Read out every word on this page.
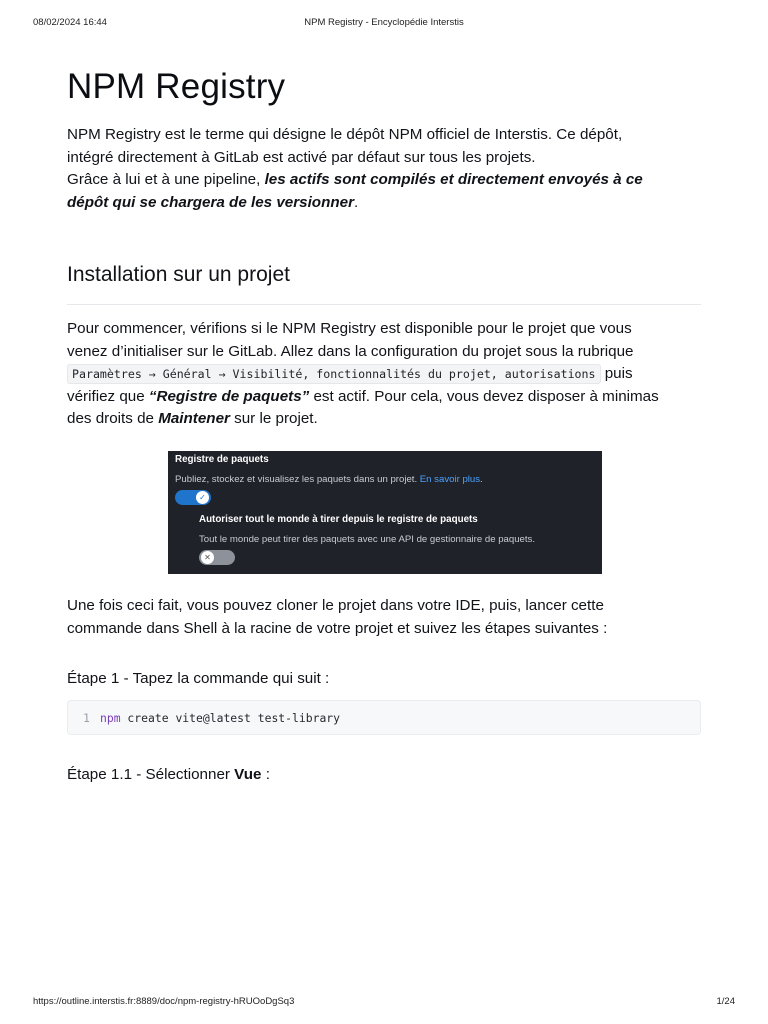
08/02/2024 16:44	NPM Registry - Encyclopédie Interstis
NPM Registry
NPM Registry est le terme qui désigne le dépôt NPM officiel de Interstis. Ce dépôt,
intégré directement à GitLab est activé par défaut sur tous les projets.
Grâce à lui et à une pipeline, les actifs sont compilés et directement envoyés à ce
dépôt qui se chargera de les versionner.
Installation sur un projet
Pour commencer, vérifions si le NPM Registry est disponible pour le projet que vous
venez d’initialiser sur le GitLab. Allez dans la configuration du projet sous la rubrique
Paramètres → Général → Visibilité, fonctionnalités du projet, autorisations puis
vérifiez que “Registre de paquets” est actif. Pour cela, vous devez disposer à minimas
des droits de Maintener sur le projet.
Registre de paquets
Publiez, stockez et visualisez les paquets dans un projet. En savoir plus.
✓
Autoriser tout le monde à tirer depuis le registre de paquets
Tout le monde peut tirer des paquets avec une API de gestionnaire de paquets.
✕
Une fois ceci fait, vous pouvez cloner le projet dans votre IDE, puis, lancer cette
commande dans Shell à la racine de votre projet et suivez les étapes suivantes :
Étape 1 - Tapez la commande qui suit :
1 npm create vite@latest test-library
Étape 1.1 - Sélectionner Vue :
https://outline.interstis.fr:8889/doc/npm-registry-hRUOoDgSq3	1/24
